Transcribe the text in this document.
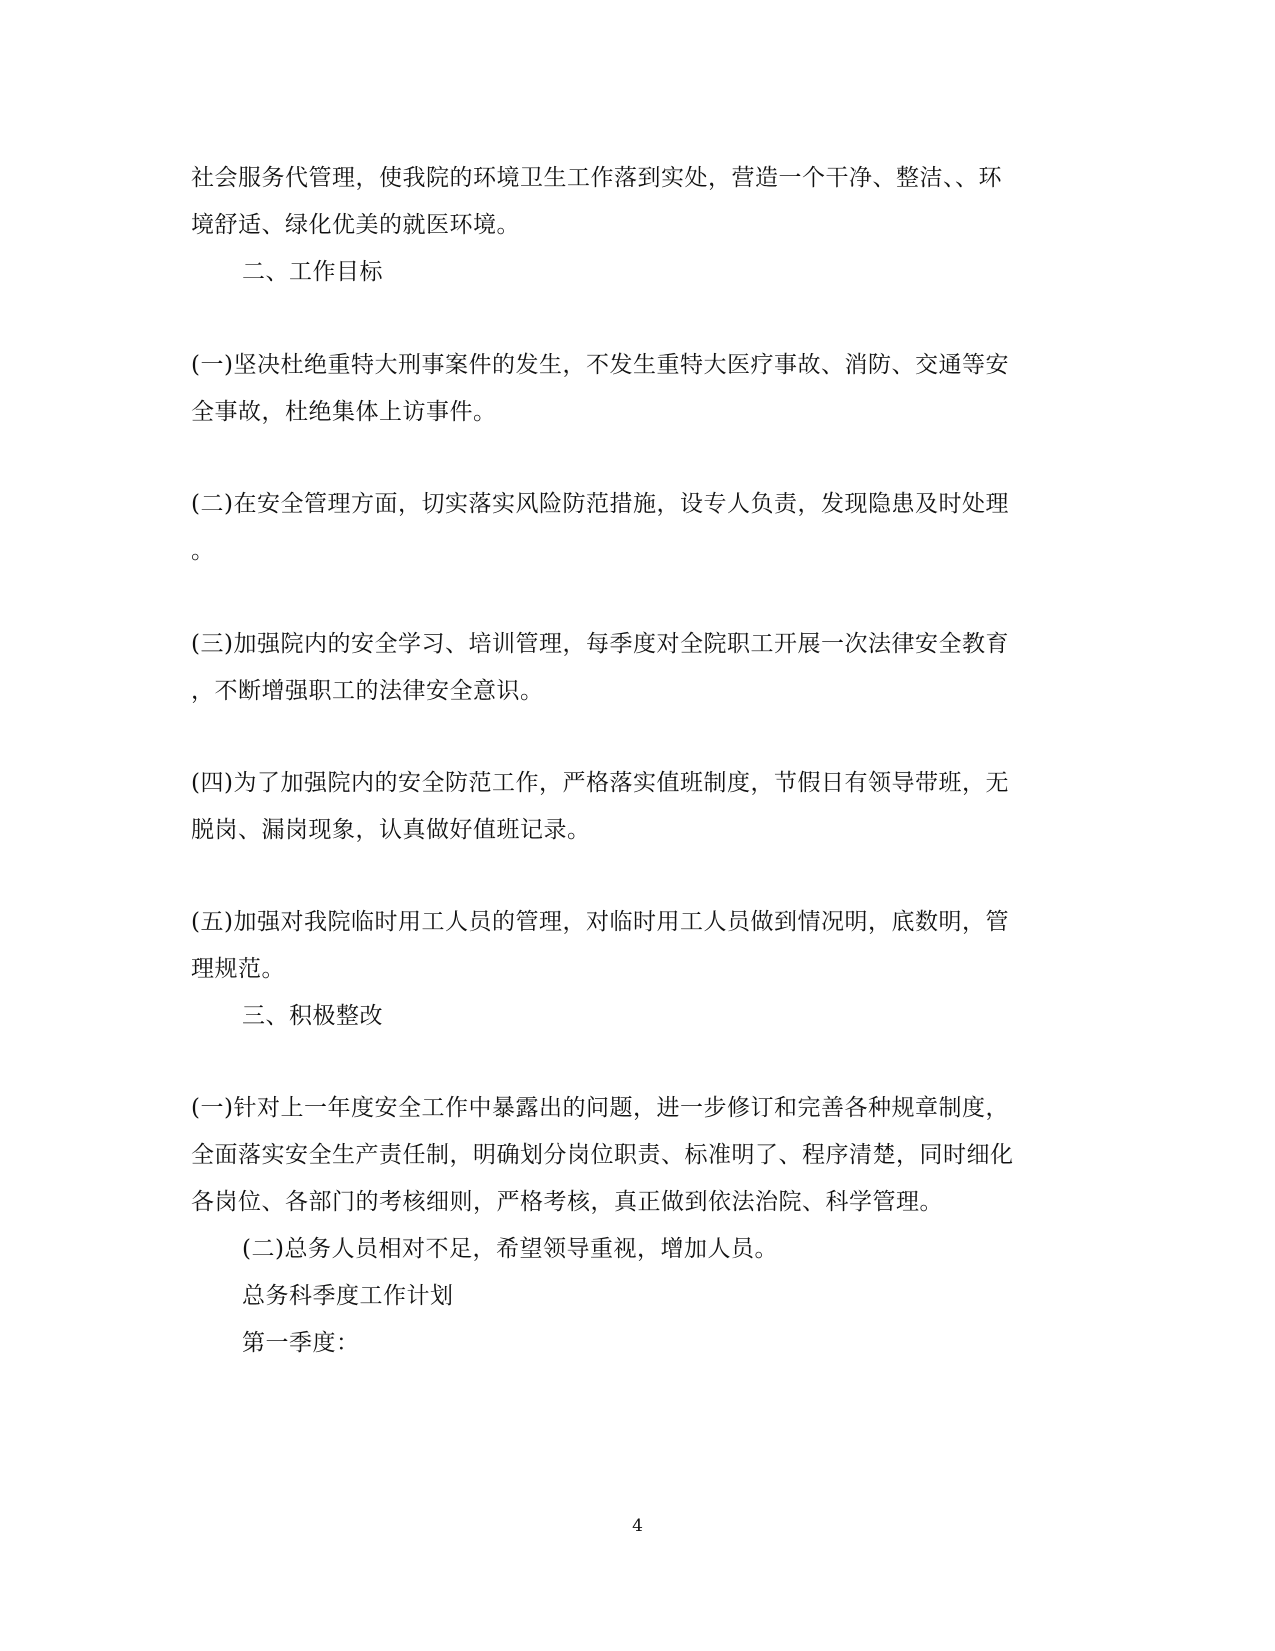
社会服务代管理，使我院的环境卫生工作落到实处，营造一个干净、整洁、、环
境舒适、绿化优美的就医环境。
二、工作目标
(一)坚决杜绝重特大刑事案件的发生，不发生重特大医疗事故、消防、交通等安
全事故，杜绝集体上访事件。
(二)在安全管理方面，切实落实风险防范措施，设专人负责，发现隐患及时处理
。
(三)加强院内的安全学习、培训管理，每季度对全院职工开展一次法律安全教育
，不断增强职工的法律安全意识。
(四)为了加强院内的安全防范工作，严格落实值班制度，节假日有领导带班，无
脱岗、漏岗现象，认真做好值班记录。
(五)加强对我院临时用工人员的管理，对临时用工人员做到情况明，底数明，管
理规范。
三、积极整改
(一)针对上一年度安全工作中暴露出的问题，进一步修订和完善各种规章制度，
全面落实安全生产责任制，明确划分岗位职责、标准明了、程序清楚，同时细化
各岗位、各部门的考核细则，严格考核，真正做到依法治院、科学管理。
(二)总务人员相对不足，希望领导重视，增加人员。
总务科季度工作计划
第一季度：
4
